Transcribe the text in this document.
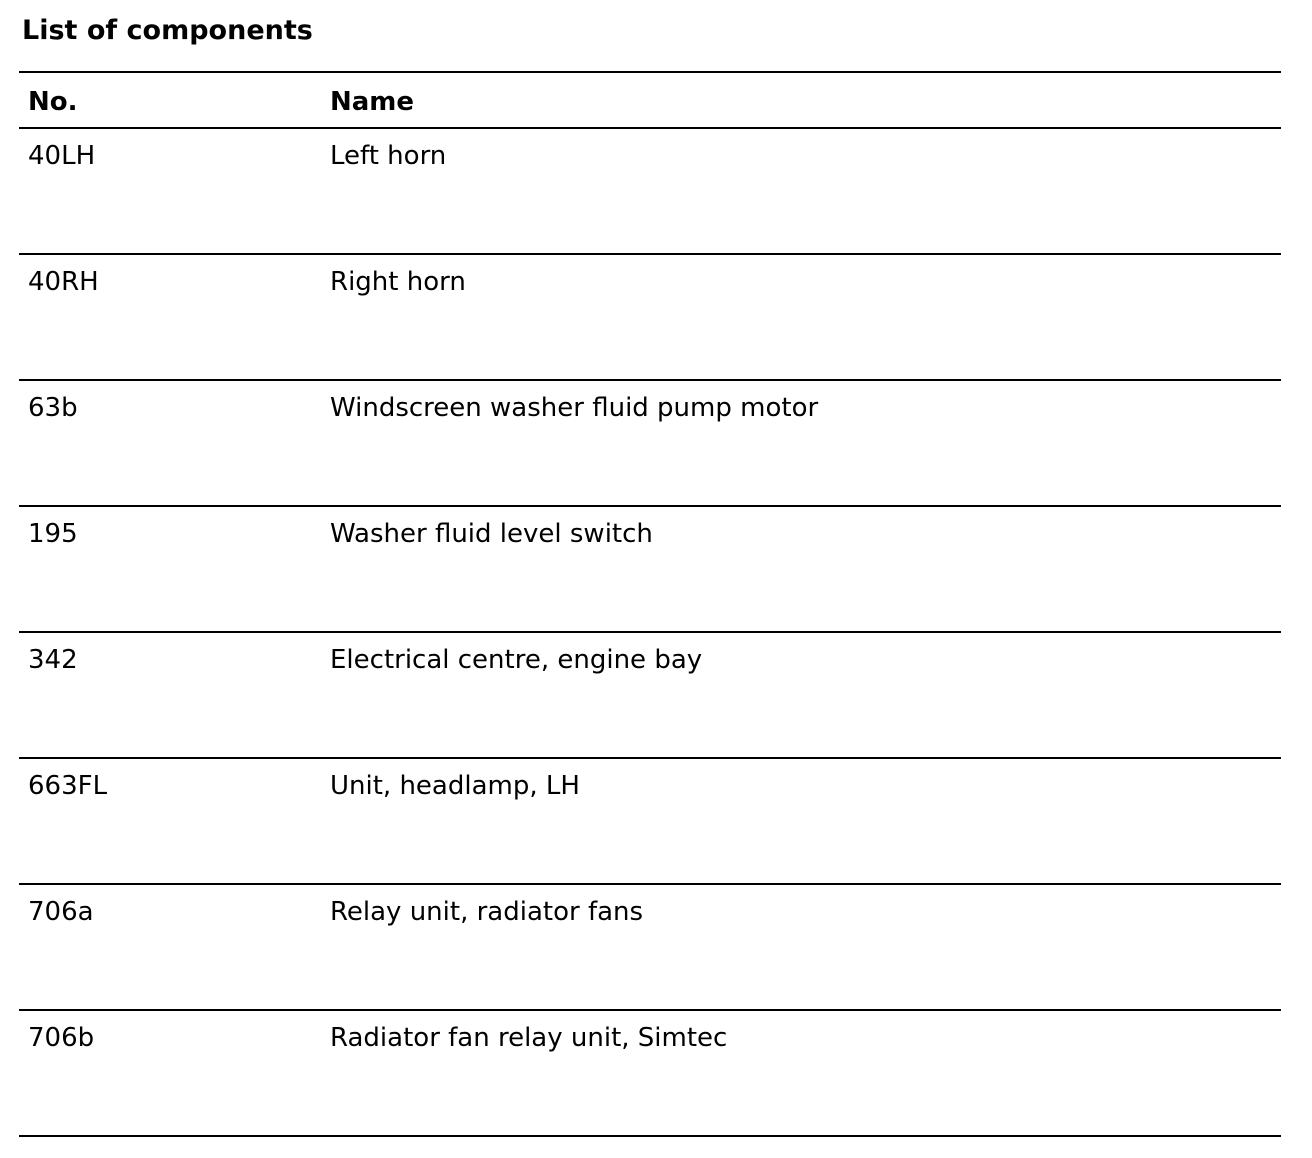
List of components
No.	Name
40LH	Left horn
40RH	Right horn
63b	Windscreen washer fluid pump motor
195	Washer fluid level switch
342	Electrical centre, engine bay
663FL	Unit, headlamp, LH
706a	Relay unit, radiator fans
706b	Radiator fan relay unit, Simtec
